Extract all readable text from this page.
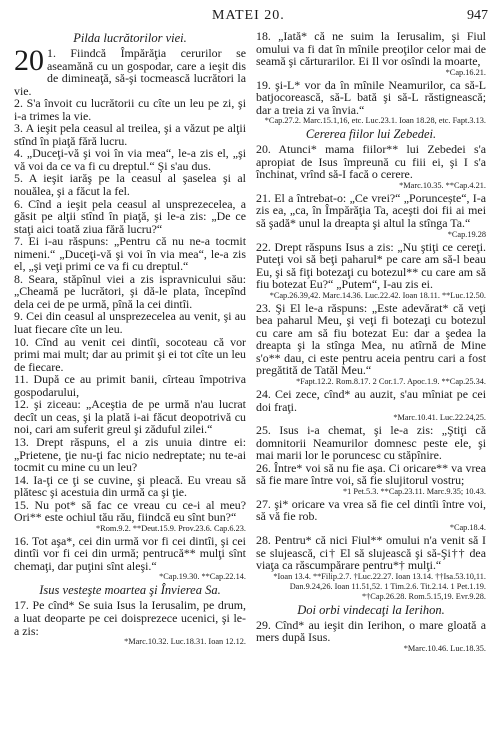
MATEI 20.	947
Pilda lucrătorilor viei.

20 1. Fiindcă Împărăţia cerurilor se aseamănă cu un gospodar, care a ieşit dis de dimineaţă, să-şi tocmească lucrători la vie.

2. S'a învoit cu lucrătorii cu cîte un leu pe zi, şi i-a trimes la vie.

3. A ieşit pela ceasul al treilea, şi a văzut pe alţii stînd în piaţă fără lucru.

4. „Duceţi-vă şi voi în via mea“, le-a zis el, „şi vă voi da ce va fi cu dreptul.“ Şi s'au dus.

5. A ieşit iarăş pe la ceasul al şaselea şi al nouălea, şi a făcut la fel.

6. Cînd a ieşit pela ceasul al unsprezecelea, a găsit pe alţii stînd în piaţă, şi le-a zis: „De ce staţi aici toată ziua fără lucru?“

7. Ei i-au răspuns: „Pentru că nu ne-a tocmit nimeni.“ „Duceţi-vă şi voi în via mea“, le-a zis el, „şi veţi primi ce va fi cu dreptul.“

8. Seara, stăpînul viei a zis ispravnicului său: „Cheamă pe lucrători, şi dă-le plata, începînd dela cei de pe urmă, pînă la cei dintîi.

9. Cei din ceasul al unsprezecelea au venit, şi au luat fiecare cîte un leu.

10. Cînd au venit cei dintîi, socoteau că vor primi mai mult; dar au primit şi ei tot cîte un leu de fiecare.

11. După ce au primit banii, cîrteau împotriva gospodarului,

12. şi ziceau: „Aceştia de pe urmă n'au lucrat decît un ceas, şi la plată i-ai făcut deopotrivă cu noi, cari am suferit greul şi zăduful zilei.“

13. Drept răspuns, el a zis unuia dintre ei: „Prietene, ţie nu-ţi fac nicio nedreptate; nu te-ai tocmit cu mine cu un leu?

14. Ia-ţi ce ţi se cuvine, şi pleacă. Eu vreau să plătesc şi acestuia din urmă ca şi ţie.

15. Nu pot* să fac ce vreau cu ce-i al meu? Ori** este ochiul tău rău, fiindcă eu sînt bun?“

*Rom.9.2. **Deut.15.9. Prov.23.6. Cap.6.23.

16. Tot aşa*, cei din urmă vor fi cei dintîi, şi cei dintîi vor fi cei din urmă; pentrucă** mulţi sînt chemaţi, dar puţini sînt aleşi.“

*Cap.19.30. **Cap.22.14.
Isus vesteşte moartea şi Învierea Sa.

17. Pe cînd* Se suia Isus la Ierusalim, pe drum, a luat deoparte pe cei doisprezece ucenici, şi le-a zis:

*Marc.10.32. Luc.18.31. Ioan 12.12.

18. „Iată* că ne suim la Ierusalim, şi Fiul omului va fi dat în mînile preoţilor celor mai de seamă şi cărturarilor. Ei Il vor osîndi la moarte,

*Cap.16.21.

19. şi-L* vor da în mînile Neamurilor, ca să-L batjocorească, să-L bată şi să-L răstignească; dar a treia zi va învia.“

*Cap.27.2. Marc.15.1,16, etc. Luc.23.1. Ioan 18.28, etc. Fapt.3.13.
Cererea fiilor lui Zebedei.

20. Atunci* mama fiilor** lui Zebedei s'a apropiat de Isus împreună cu fiii ei, şi I s'a închinat, vrînd să-I facă o cerere.

*Marc.10.35. **Cap.4.21.

21. El a întrebat-o: „Ce vrei?“ „Poruncește“, I-a zis ea, „ca, în Împărăţia Ta, aceşti doi fii ai mei să şadă* unul la dreapta şi altul la stînga Ta.“

*Cap.19.28

22. Drept răspuns Isus a zis: „Nu ştiţi ce cereţi. Puteţi voi să beţi paharul* pe care am să-l beau Eu, şi să fiţi botezaţi cu botezul** cu care am să fiu botezat Eu?“ „Putem“, I-au zis ei.

*Cap.26.39,42. Marc.14.36. Luc.22.42. Ioan 18.11. **Luc.12.50.

23. Şi El le-a răspuns: „Este adevărat* că veţi bea paharul Meu, şi veţi fi botezaţi cu botezul cu care am să fiu botezat Eu: dar a şedea la dreapta şi la stînga Mea, nu atîrnă de Mine s'o** dau, ci este pentru aceia pentru cari a fost pregătită de Tatăl Meu.“

*Fapt.12.2. Rom.8.17. 2 Cor.1.7. Apoc.1.9. **Cap.25.34.

24. Cei zece, cînd* au auzit, s'au mîniat pe cei doi fraţi.

*Marc.10.41. Luc.22.24,25.

25. Isus i-a chemat, şi le-a zis: „Ştiţi că domnitorii Neamurilor domnesc peste ele, şi mai marii lor le poruncesc cu stăpînire.

26. Între* voi să nu fie aşa. Ci oricare** va vrea să fie mare între voi, să fie slujitorul vostru;

*1 Pet.5.3. **Cap.23.11. Marc.9.35; 10.43.

27. şi* oricare va vrea să fie cel dintîi între voi, să vă fie rob.

*Cap.18.4.

28. Pentru* că nici Fiul** omului n'a venit să I se slujească, ci† El să slujească şi să-Şi†† dea viaţa ca răscumpărare pentru*† mulţi.“

*Ioan 13.4. **Filip.2.7. †Luc.22.27. Ioan 13.14. ††Isa.53.10,11. Dan.9.24,26. Ioan 11.51,52. 1 Tim.2.6. Tit.2.14. 1 Pet.1.19. *†Cap.26.28. Rom.5.15,19. Evr.9.28.
Doi orbi vindecaţi la Ierihon.

29. Cînd* au ieşit din Ierihon, o mare gloată a mers după Isus.

*Marc.10.46. Luc.18.35.
